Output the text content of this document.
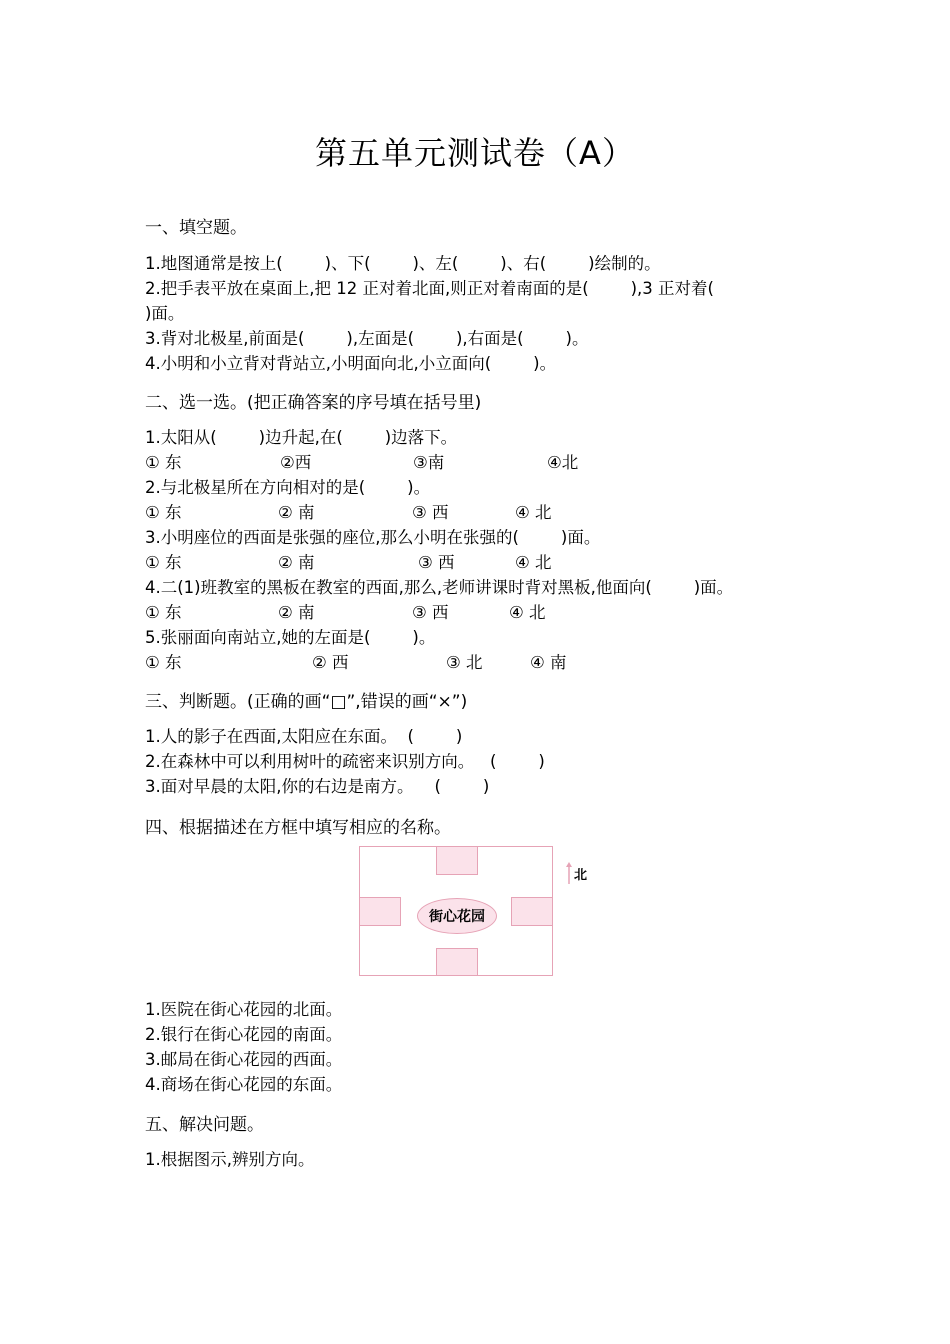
第五单元测试卷（A）
一、填空题。

1.地图通常是按上(        )、下(        )、左(        )、右(        )绘制的。

2.把手表平放在桌面上,把 12 正对着北面,则正对着南面的是(        ),3 正对着(

)面。

3.背对北极星,前面是(        ),左面是(        ),右面是(        )。

4.小明和小立背对背站立,小明面向北,小立面向(        )。

二、选一选。(把正确答案的序号填在括号里)

1.太阳从(        )边升起,在(        )边落下。

① 东	②西	③南	④北

2.与北极星所在方向相对的是(        )。

① 东	② 南	③ 西	④ 北

3.小明座位的西面是张强的座位,那么小明在张强的(        )面。

① 东	② 南	③ 西	④ 北

4.二(1)班教室的黑板在教室的西面,那么,老师讲课时背对黑板,他面向(        )面。

① 东	② 南	③ 西	④ 北

5.张丽面向南站立,她的左面是(        )。

① 东	② 西	③ 北	④ 南
三、判断题。(正确的画“□”,错误的画“×”)

1.人的影子在西面,太阳应在东面。  (        )

2.在森林中可以利用树叶的疏密来识别方向。   (        )

3.面对早晨的太阳,你的右边是南方。    (        )

四、根据描述在方框中填写相应的名称。
街心花园
北

1.医院在街心花园的北面。

2.银行在街心花园的南面。

3.邮局在街心花园的西面。

4.商场在街心花园的东面。

五、解决问题。

1.根据图示,辨别方向。
